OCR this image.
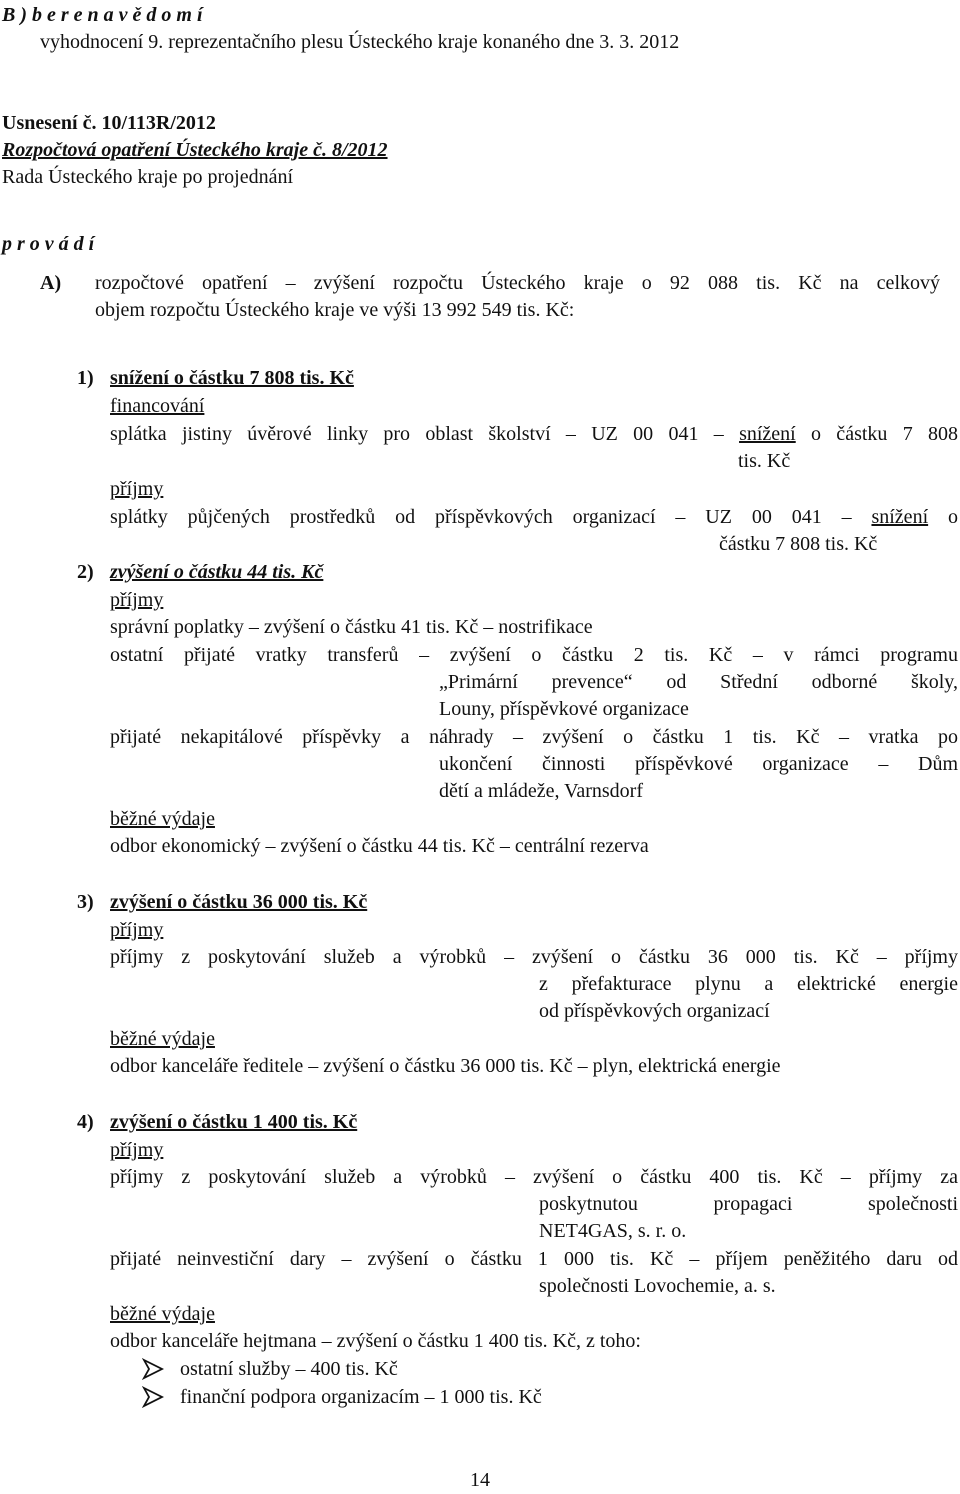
B ) b e r e n a v ě d o m í
vyhodnocení 9. reprezentačního plesu Ústeckého kraje konaného dne 3. 3. 2012
Usnesení č. 10/113R/2012
Rozpočtová opatření Ústeckého kraje č. 8/2012
Rada Ústeckého kraje po projednání
p r o v á d í
A) rozpočtové opatření – zvýšení rozpočtu Ústeckého kraje o 92 088 tis. Kč na celkový
objem rozpočtu Ústeckého kraje ve výši 13 992 549 tis. Kč:
1) snížení o částku 7 808 tis. Kč
financování
splátka jistiny úvěrové linky pro oblast školství – UZ 00 041 – snížení o částku 7 808
tis. Kč
příjmy
splátky půjčených prostředků od příspěvkových organizací – UZ 00 041 – snížení o
částku 7 808 tis. Kč
2) zvýšení o částku 44 tis. Kč
příjmy
správní poplatky – zvýšení o částku 41 tis. Kč – nostrifikace
ostatní přijaté vratky transferů – zvýšení o částku 2 tis. Kč – v rámci programu
„Primární prevence“ od Střední odborné školy,
Louny, příspěvkové organizace
přijaté nekapitálové příspěvky a náhrady – zvýšení o částku 1 tis. Kč – vratka po
ukončení činnosti příspěvkové organizace – Dům
dětí a mládeže, Varnsdorf
běžné výdaje
odbor ekonomický – zvýšení o částku 44 tis. Kč – centrální rezerva
3) zvýšení o částku 36 000 tis. Kč
příjmy
příjmy z poskytování služeb a výrobků – zvýšení o částku 36 000 tis. Kč – příjmy
z přefakturace plynu a elektrické energie
od příspěvkových organizací
běžné výdaje
odbor kanceláře ředitele – zvýšení o částku 36 000 tis. Kč – plyn, elektrická energie
4) zvýšení o částku 1 400 tis. Kč
příjmy
příjmy z poskytování služeb a výrobků – zvýšení o částku 400 tis. Kč – příjmy za
poskytnutou propagaci společnosti
NET4GAS, s. r. o.
přijaté neinvestiční dary – zvýšení o částku 1 000 tis. Kč – příjem peněžitého daru od
společnosti Lovochemie, a. s.
běžné výdaje
odbor kanceláře hejtmana – zvýšení o částku 1 400 tis. Kč, z toho:
ostatní služby – 400 tis. Kč
finanční podpora organizacím – 1 000 tis. Kč
14
